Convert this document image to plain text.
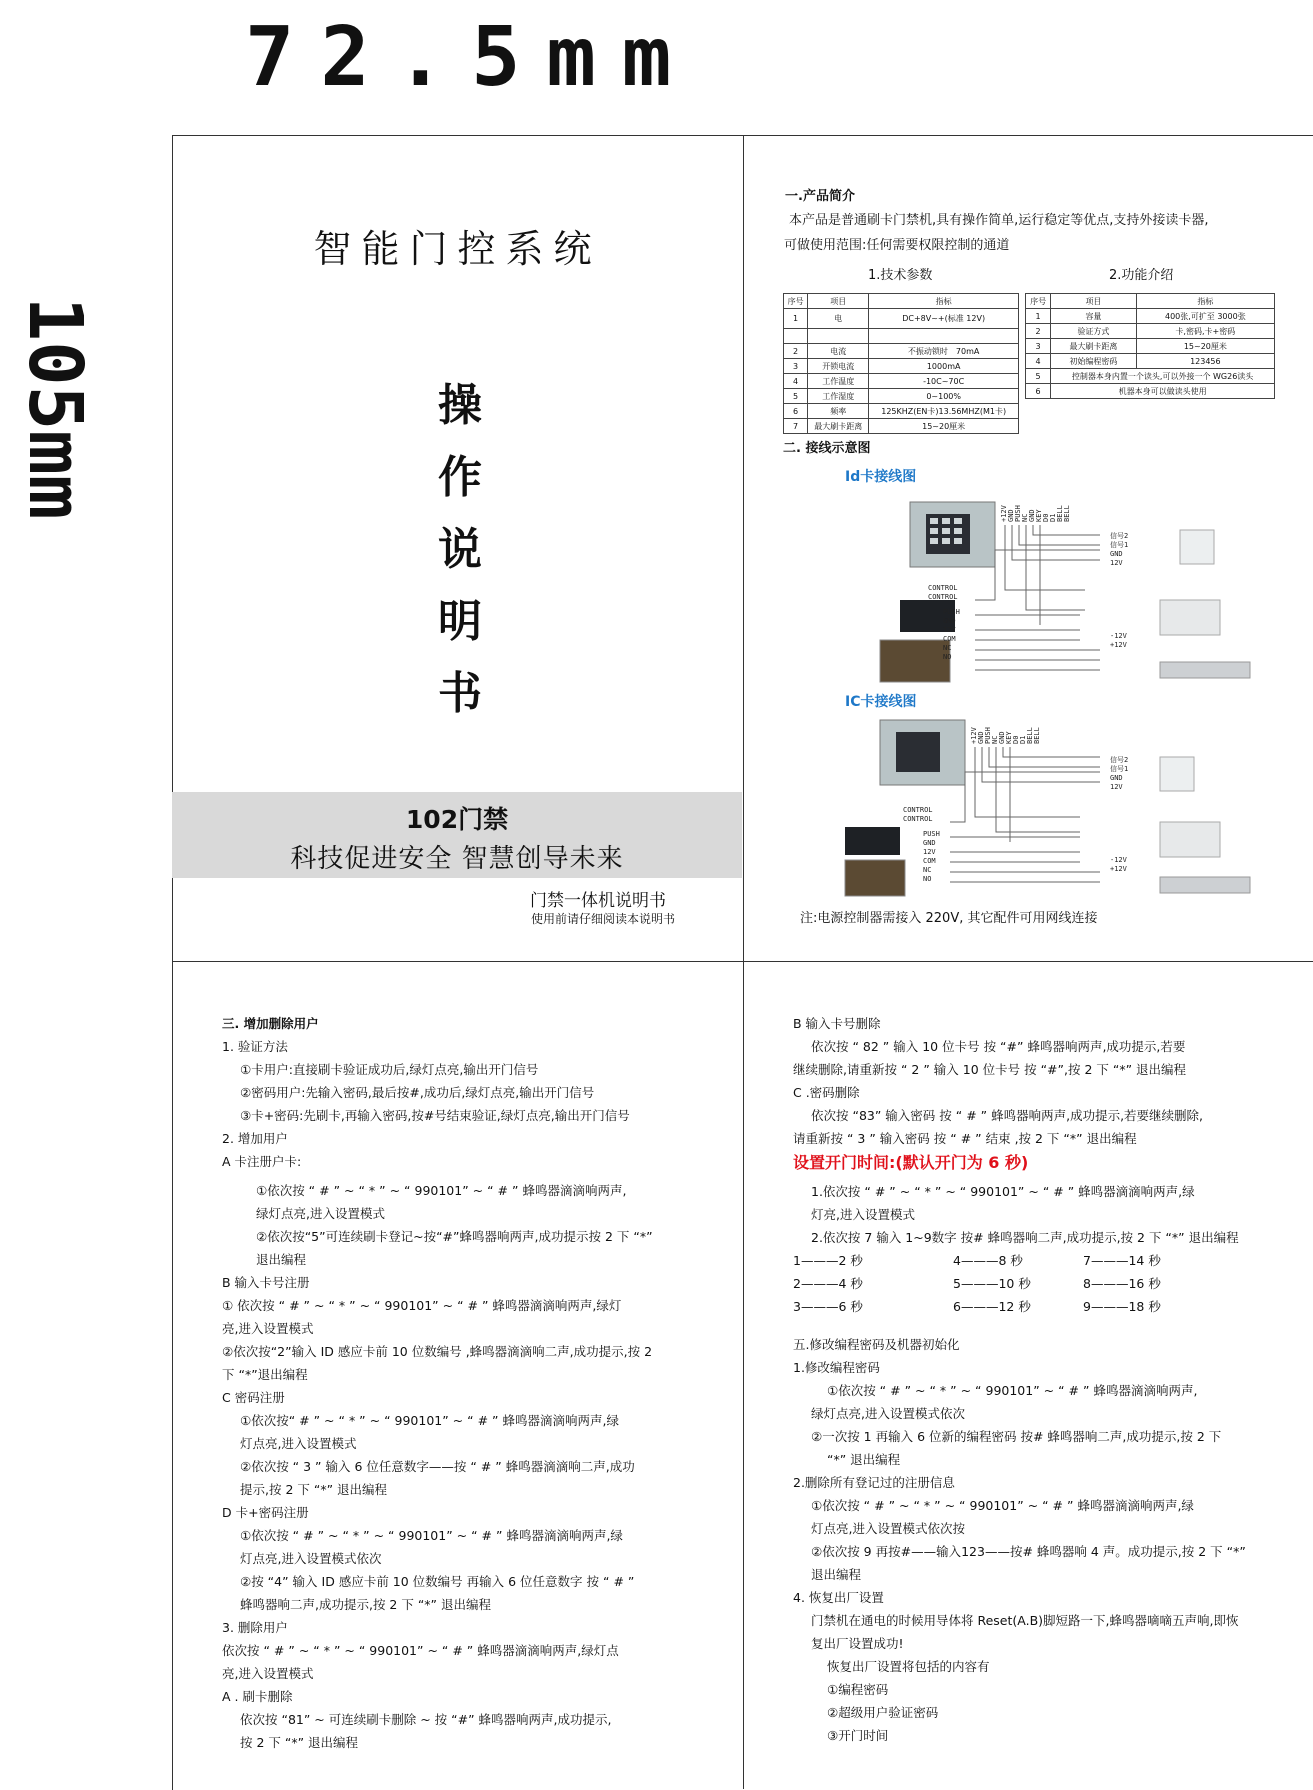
72.5mm
105mm
智能门控系统
操
作
说
明
书
102门禁
科技促进安全 智慧创导未来
门禁一体机说明书
使用前请仔细阅读本说明书
一.产品简介
本产品是普通刷卡门禁机,具有操作简单,运行稳定等优点,支持外接读卡器,
可做使用范围:任何需要权限控制的通道
1.技术参数	2.功能介绍
序号	项目	指标
1	电	DC+8V~+(标准 12V)

2	电流	不振动锁时　70mA
3	开锁电流	1000mA
4	工作温度	-10C~70C
5	工作湿度	0~100%
6	频率	125KHZ(EN卡)13.56MHZ(M1卡)
7	最大刷卡距离	15~20厘米
序号	项目	指标
1	容量	400张,可扩至 3000张
2	验证方式	卡,密码,卡+密码
3	最大刷卡距离	15~20厘米
4	初始编程密码	123456
5	控制器本身内置一个读头,可以外接一个 WG26读头	
6	机器本身可以做读头使用	
二. 接线示意图
Id卡接线图
IC卡接线图
+12V GND PUSH NC GND KEY D0 D1 BELL BELL
信号2
信号1
GND
12V
CONTROL
CONTROL
PUSH
GND
12V
COM
NC
NO
-12V
+12V
+12V GND PUSH NC GND KEY D0 D1 BELL BELL
信号2
信号1
GND
12V
CONTROL
CONTROL
PUSH
GND
12V
COM
NC
NO
-12V
+12V
注:电源控制器需接入 220V, 其它配件可用网线连接
三. 增加删除用户
1. 验证方法
①卡用户:直接刷卡验证成功后,绿灯点亮,输出开门信号
②密码用户:先输入密码,最后按#,成功后,绿灯点亮,输出开门信号
③卡+密码:先刷卡,再输入密码,按#号结束验证,绿灯点亮,输出开门信号
2. 增加用户
A 卡注册户卡:
①依次按 “ # ” ~ “ * ” ~ “ 990101” ~ “ # ” 蜂鸣器滴滴响两声,
绿灯点亮,进入设置模式
②依次按“5”可连续刷卡登记~按“#”蜂鸣器响两声,成功提示按 2 下 “*”
退出编程
B 输入卡号注册
① 依次按 “ # ” ~ “ * ” ~ “ 990101” ~ “ # ” 蜂鸣器滴滴响两声,绿灯
亮,进入设置模式
②依次按“2”输入 ID 感应卡前 10 位数编号 ,蜂鸣器滴滴响二声,成功提示,按 2
下 “*”退出编程
C 密码注册
①依次按“ # ” ~ “ * ” ~ “ 990101” ~ “ # ” 蜂鸣器滴滴响两声,绿
灯点亮,进入设置模式
②依次按 “ 3 ” 输入 6 位任意数字——按 “ # ” 蜂鸣器滴滴响二声,成功
提示,按 2 下 “*” 退出编程
D 卡+密码注册
①依次按 “ # ” ~ “ * ” ~ “ 990101” ~ “ # ” 蜂鸣器滴滴响两声,绿
灯点亮,进入设置模式依次
②按 “4” 输入 ID 感应卡前 10 位数编号 再输入 6 位任意数字 按 “ # ”
蜂鸣器响二声,成功提示,按 2 下 “*” 退出编程
3. 删除用户
依次按 “ # ” ~ “ * ” ~ “ 990101” ~ “ # ” 蜂鸣器滴滴响两声,绿灯点
亮,进入设置模式
A . 刷卡删除
依次按 “81” ~ 可连续刷卡删除 ~ 按 “#” 蜂鸣器响两声,成功提示,
按 2 下 “*” 退出编程
B 输入卡号删除
依次按 “ 82 ” 输入 10 位卡号 按 “#” 蜂鸣器响两声,成功提示,若要
继续删除,请重新按 “ 2 ” 输入 10 位卡号 按 “#”,按 2 下 “*” 退出编程
C .密码删除
依次按 “83” 输入密码 按 “ # ” 蜂鸣器响两声,成功提示,若要继续删除,
请重新按 “ 3 ” 输入密码 按 “ # ” 结束 ,按 2 下 “*” 退出编程
设置开门时间:(默认开门为 6 秒)
1.依次按 “ # ” ~ “ * ” ~ “ 990101” ~ “ # ” 蜂鸣器滴滴响两声,绿
灯亮,进入设置模式
2.依次按 7 输入 1~9数字 按# 蜂鸣器响二声,成功提示,按 2 下 “*” 退出编程
1———2 秒	4———8 秒	7———14 秒
2———4 秒	5———10 秒	8———16 秒
3———6 秒	6———12 秒	9———18 秒
五.修改编程密码及机器初始化
1.修改编程密码
①依次按 “ # ” ~ “ * ” ~ “ 990101” ~ “ # ” 蜂鸣器滴滴响两声,
绿灯点亮,进入设置模式依次
②一次按 1 再输入 6 位新的编程密码 按# 蜂鸣器响二声,成功提示,按 2 下
“*” 退出编程
2.删除所有登记过的注册信息
①依次按 “ # ” ~ “ * ” ~ “ 990101” ~ “ # ” 蜂鸣器滴滴响两声,绿
灯点亮,进入设置模式依次按
②依次按 9 再按#——输入123——按# 蜂鸣器响 4 声。成功提示,按 2 下 “*”
退出编程
4. 恢复出厂设置
门禁机在通电的时候用导体将 Reset(A.B)脚短路一下,蜂鸣器嘀嘀五声响,即恢
复出厂设置成功!
恢复出厂设置将包括的内容有
①编程密码
②超级用户验证密码
③开门时间
